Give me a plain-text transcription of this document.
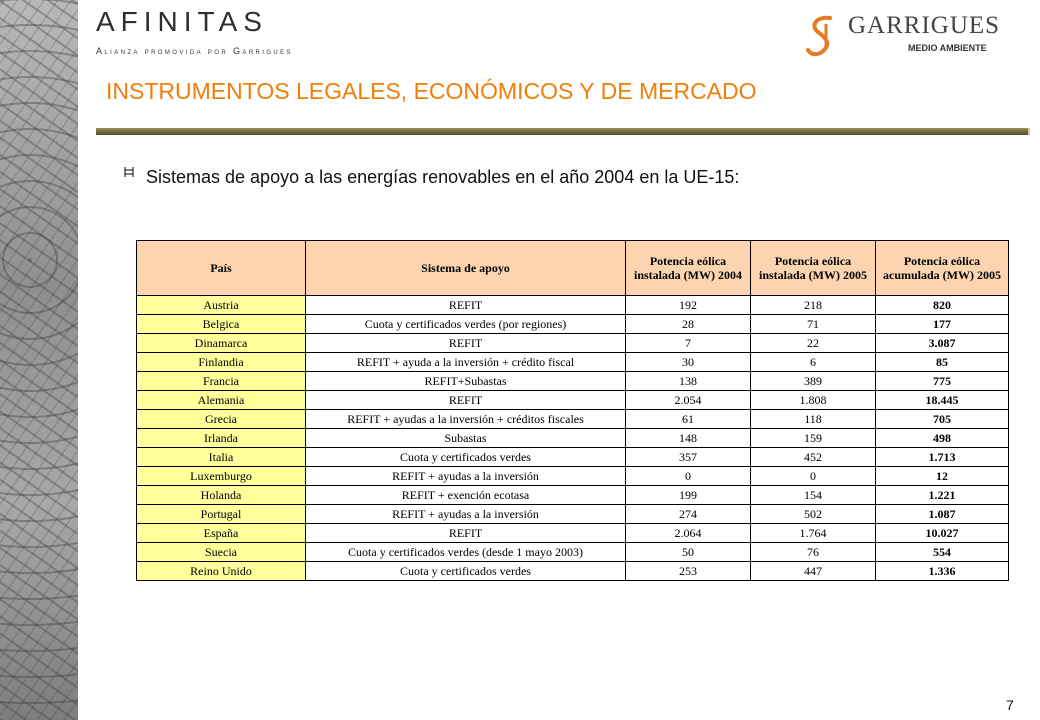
AFINITAS
Alianza promovida por Garrigues
GARRIGUES
MEDIO AMBIENTE
INSTRUMENTOS LEGALES, ECONÓMICOS Y DE MERCADO
Sistemas de apoyo a las energías renovables en el año 2004 en la UE-15:
País	Sistema de apoyo	Potencia eólica instalada (MW) 2004	Potencia eólica instalada (MW) 2005	Potencia eólica acumulada (MW) 2005
Austria	REFIT	192	218	820
Belgica	Cuota y certificados verdes (por regiones)	28	71	177
Dinamarca	REFIT	7	22	3.087
Finlandia	REFIT + ayuda a la inversión + crédito fiscal	30	6	85
Francia	REFIT+Subastas	138	389	775
Alemania	REFIT	2.054	1.808	18.445
Grecia	REFIT + ayudas a la inversión + créditos fiscales	61	118	705
Irlanda	Subastas	148	159	498
Italia	Cuota y certificados verdes	357	452	1.713
Luxemburgo	REFIT + ayudas a la inversión	0	0	12
Holanda	REFIT + exención ecotasa	199	154	1.221
Portugal	REFIT + ayudas a la inversión	274	502	1.087
España	REFIT	2.064	1.764	10.027
Suecia	Cuota y certificados verdes (desde 1 mayo 2003)	50	76	554
Reino Unido	Cuota y certificados verdes	253	447	1.336
7
